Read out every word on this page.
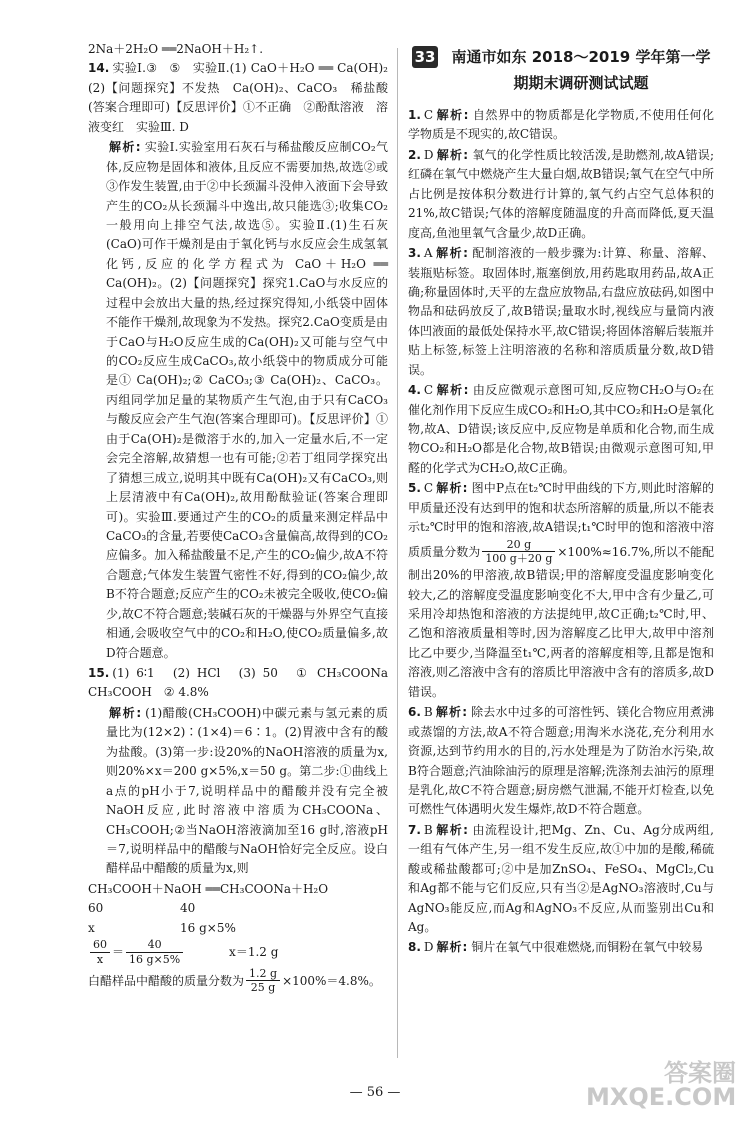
2Na＋2H₂O ══2NaOH＋H₂↑.

14. 实验Ⅰ.③　⑤　实验Ⅱ.(1) CaO＋H₂O ══ Ca(OH)₂　(2)【问题探究】不发热　Ca(OH)₂、CaCO₃　稀盐酸(答案合理即可)【反思评价】①不正确　②酚酞溶液　溶液变红　实验Ⅲ. D

解析: 实验Ⅰ.实验室用石灰石与稀盐酸反应制CO₂气体,反应物是固体和液体,且反应不需要加热,故选②或③作发生装置,由于②中长颈漏斗没伸入液面下会导致产生的CO₂从长颈漏斗中逸出,故只能选③;收集CO₂一般用向上排空气法,故选⑤。实验Ⅱ.(1)生石灰(CaO)可作干燥剂是由于氧化钙与水反应会生成氢氧化钙,反应的化学方程式为 CaO＋H₂O ══ Ca(OH)₂。(2)【问题探究】探究1.CaO与水反应的过程中会放出大量的热,经过探究得知,小纸袋中固体不能作干燥剂,故现象为不发热。探究2.CaO变质是由于CaO与H₂O反应生成的Ca(OH)₂又可能与空气中的CO₂反应生成CaCO₃,故小纸袋中的物质成分可能是① Ca(OH)₂;② CaCO₃;③ Ca(OH)₂、CaCO₃。丙组同学加足量的某物质产生气泡,由于只有CaCO₃与酸反应会产生气泡(答案合理即可)。【反思评价】①由于Ca(OH)₂是微溶于水的,加入一定量水后,不一定会完全溶解,故猜想一也有可能;②若丁组同学探究出了猜想三成立,说明其中既有Ca(OH)₂又有CaCO₃,则上层清液中有Ca(OH)₂,故用酚酞验证(答案合理即可)。实验Ⅲ.要通过产生的CO₂的质量来测定样品中CaCO₃的含量,若要使CaCO₃含量偏高,故得到的CO₂应偏多。加入稀盐酸量不足,产生的CO₂偏少,故A不符合题意;气体发生装置气密性不好,得到的CO₂偏少,故B不符合题意;反应产生的CO₂未被完全吸收,使CO₂偏少,故C不符合题意;装碱石灰的干燥器与外界空气直接相通,会吸收空气中的CO₂和H₂O,使CO₂质量偏多,故D符合题意。

15. (1) 6∶1　(2) HCl　(3) 50　① CH₃COONa　CH₃COOH　② 4.8%

解析: (1)醋酸(CH₃COOH)中碳元素与氢元素的质量比为(12×2)∶(1×4)＝6∶1。(2)胃液中含有的酸为盐酸。(3)第一步:设20%的NaOH溶液的质量为x,则20%×x＝200 g×5%,x＝50 g。第二步:①曲线上a点的pH小于7,说明样品中的醋酸并没有完全被NaOH反应,此时溶液中溶质为CH₃COONa、CH₃COOH;②当NaOH溶液滴加至16 g时,溶液pH＝7,说明样品中的醋酸与NaOH恰好完全反应。设白醋样品中醋酸的质量为x,则

CH₃COOH＋NaOH ══CH₃COONa＋H₂O

60	40
x	16 g×5%

$\frac{60}{x} = \frac{40}{16 g\times 5\%}$	x＝1.2 g

白醋样品中醋酸的质量分数为 $\frac{1.2 g}{25 g} \times 100\%=4.8\%$。

33 南通市如东 2018～2019 学年第一学期期末调研测试试题

1. C 解析: 自然界中的物质都是化学物质,不使用任何化学物质是不现实的,故C错误。

2. D 解析: 氧气的化学性质比较活泼,是助燃剂,故A错误;红磷在氧气中燃烧产生大量白烟,故B错误;氧气在空气中所占比例是按体积分数进行计算的,氧气约占空气总体积的21%,故C错误;气体的溶解度随温度的升高而降低,夏天温度高,鱼池里氧气含量少,故D正确。

3. A 解析: 配制溶液的一般步骤为:计算、称量、溶解、装瓶贴标签。取固体时,瓶塞倒放,用药匙取用药品,故A正确;称量固体时,天平的左盘应放物品,右盘应放砝码,如图中物品和砝码放反了,故B错误;量取水时,视线应与量筒内液体凹液面的最低处保持水平,故C错误;将固体溶解后装瓶并贴上标签,标签上注明溶液的名称和溶质质量分数,故D错误。

4. C 解析: 由反应微观示意图可知,反应物CH₂O与O₂在催化剂作用下反应生成CO₂和H₂O,其中CO₂和H₂O是氧化物,故A、D错误;该反应中,反应物是单质和化合物,而生成物CO₂和H₂O都是化合物,故B错误;由微观示意图可知,甲醛的化学式为CH₂O,故C正确。

5. C 解析: 图中P点在t₂℃时甲曲线的下方,则此时溶解的甲质量还没有达到甲的饱和状态所溶解的质量,所以不能表示t₂℃时甲的饱和溶液,故A错误;t₁℃时甲的饱和溶液中溶质质量分数为 $\frac{20 g}{100 g+20 g} \times 100\%\approx 16.7\%$,所以不能配制出20%的甲溶液,故B错误;甲的溶解度受温度影响变化较大,乙的溶解度受温度影响变化不大,甲中含有少量乙,可采用冷却热饱和溶液的方法提纯甲,故C正确;t₂℃时,甲、乙饱和溶液质量相等时,因为溶解度乙比甲大,故甲中溶剂比乙中要少,当降温至t₁℃,两者的溶解度相等,且都是饱和溶液,则乙溶液中含有的溶质比甲溶液中含有的溶质多,故D错误。

6. B 解析: 除去水中过多的可溶性钙、镁化合物应用煮沸或蒸馏的方法,故A不符合题意;用淘米水浇花,充分利用水资源,达到节约用水的目的,污水处理是为了防治水污染,故B符合题意;汽油除油污的原理是溶解;洗涤剂去油污的原理是乳化,故C不符合题意;厨房燃气泄漏,不能开灯检查,以免可燃性气体遇明火发生爆炸,故D不符合题意。

7. B 解析: 由流程设计,把Mg、Zn、Cu、Ag分成两组,一组有气体产生,另一组不发生反应,故①中加的是酸,稀硫酸或稀盐酸都可;②中是加ZnSO₄、FeSO₄、MgCl₂,Cu和Ag都不能与它们反应,只有当②是AgNO₃溶液时,Cu与AgNO₃能反应,而Ag和AgNO₃不反应,从而鉴别出Cu和Ag。

8. D 解析: 铜片在氧气中很难燃烧,而铜粉在氧气中较易

— 56 —
答案圈
MXQE.COM
